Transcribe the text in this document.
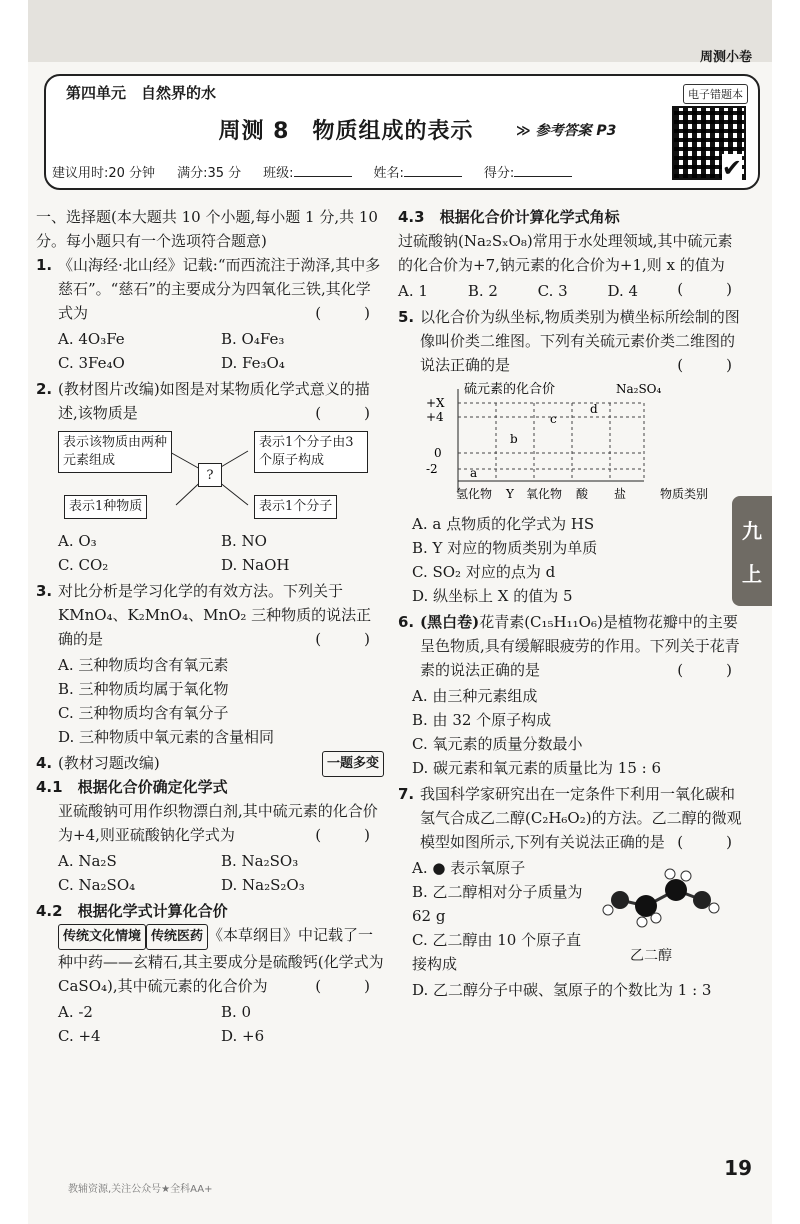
周测小卷
第四单元　自然界的水
周测 8　物质组成的表示	≫ 参考答案 P3
电子错题本
✔
建议用时:20 分钟 满分:35 分 班级:	姓名:	得分:

一、选择题(本大题共 10 个小题,每小题 1 分,共 10 分。每小题只有一个选项符合题意)

1. 《山海经·北山经》记载:“而西流注于泑泽,其中多慈石”。“慈石”的主要成分为四氧化三铁,其化学式为	(　)

A. 4O₃Fe	B. O₄Fe₃
C. 3Fe₄O	D. Fe₃O₄
2. (教材图片改编)如图是对某物质化学式意义的描述,该物质是	(　)

表示该物质由两种元素组成
表示1个分子由3个原子构成
表示1种物质	表示1个分子
?
A. O₃	B. NO
C. CO₂	D. NaOH
3. 对比分析是学习化学的有效方法。下列关于 KMnO₄、K₂MnO₄、MnO₂ 三种物质的说法正确的是	(　)

A. 三种物质均含有氧元素
B. 三种物质均属于氧化物
C. 三种物质均含有氧分子
D. 三种物质中氧元素的含量相同
4. (教材习题改编)	一题多变

4.1　根据化合价确定化学式

亚硫酸钠可用作织物漂白剂,其中硫元素的化合价为+4,则亚硫酸钠化学式为	(　)

A. Na₂S	B. Na₂SO₃
C. Na₂SO₄	D. Na₂S₂O₃

4.2　根据化学式计算化合价

传统文化情境 传统医药 《本草纲目》中记载了一种中药——玄精石,其主要成分是硫酸钙(化学式为 CaSO₄),其中硫元素的化合价为	(　)

A. -2	B. 0
C. +4	D. +6

4.3　根据化合价计算化学式角标

过硫酸钠(Na₂SₓO₈)常用于水处理领域,其中硫元素的化合价为+7,钠元素的化合价为+1,则 x 的值为
(　)

A. 1	B. 2	C. 3	D. 4
5. 以化合价为纵坐标,物质类别为横坐标所绘制的图像叫价类二维图。下列有关硫元素价类二维图的说法正确的是	(　)

硫元素的化合价	Na₂SO₄
+X
+4
0
-2	a
b
c
d
氢化物 Y 氧化物 酸 盐	物质类别
A. a 点物质的化学式为 HS
B. Y 对应的物质类别为单质
C. SO₂ 对应的点为 d
D. 纵坐标上 X 的值为 5
6. (黑白卷)花青素(C₁₅H₁₁O₆)是植物花瓣中的主要呈色物质,具有缓解眼疲劳的作用。下列关于花青素的说法正确的是	(　)

A. 由三种元素组成
B. 由 32 个原子构成
C. 氧元素的质量分数最小
D. 碳元素和氧元素的质量比为 15 : 6
7. 我国科学家研究出在一定条件下利用一氧化碳和氢气合成乙二醇(C₂H₆O₂)的方法。乙二醇的微观模型如图所示,下列有关说法正确的是 (　)

乙二醇
A. ● 表示氧原子
B. 乙二醇相对分子质量为 62 g
C. 乙二醇由 10 个原子直接构成
D. 乙二醇分子中碳、氢原子的个数比为 1 : 3
九
上
19
教辅资源,关注公众号★全科AA+
